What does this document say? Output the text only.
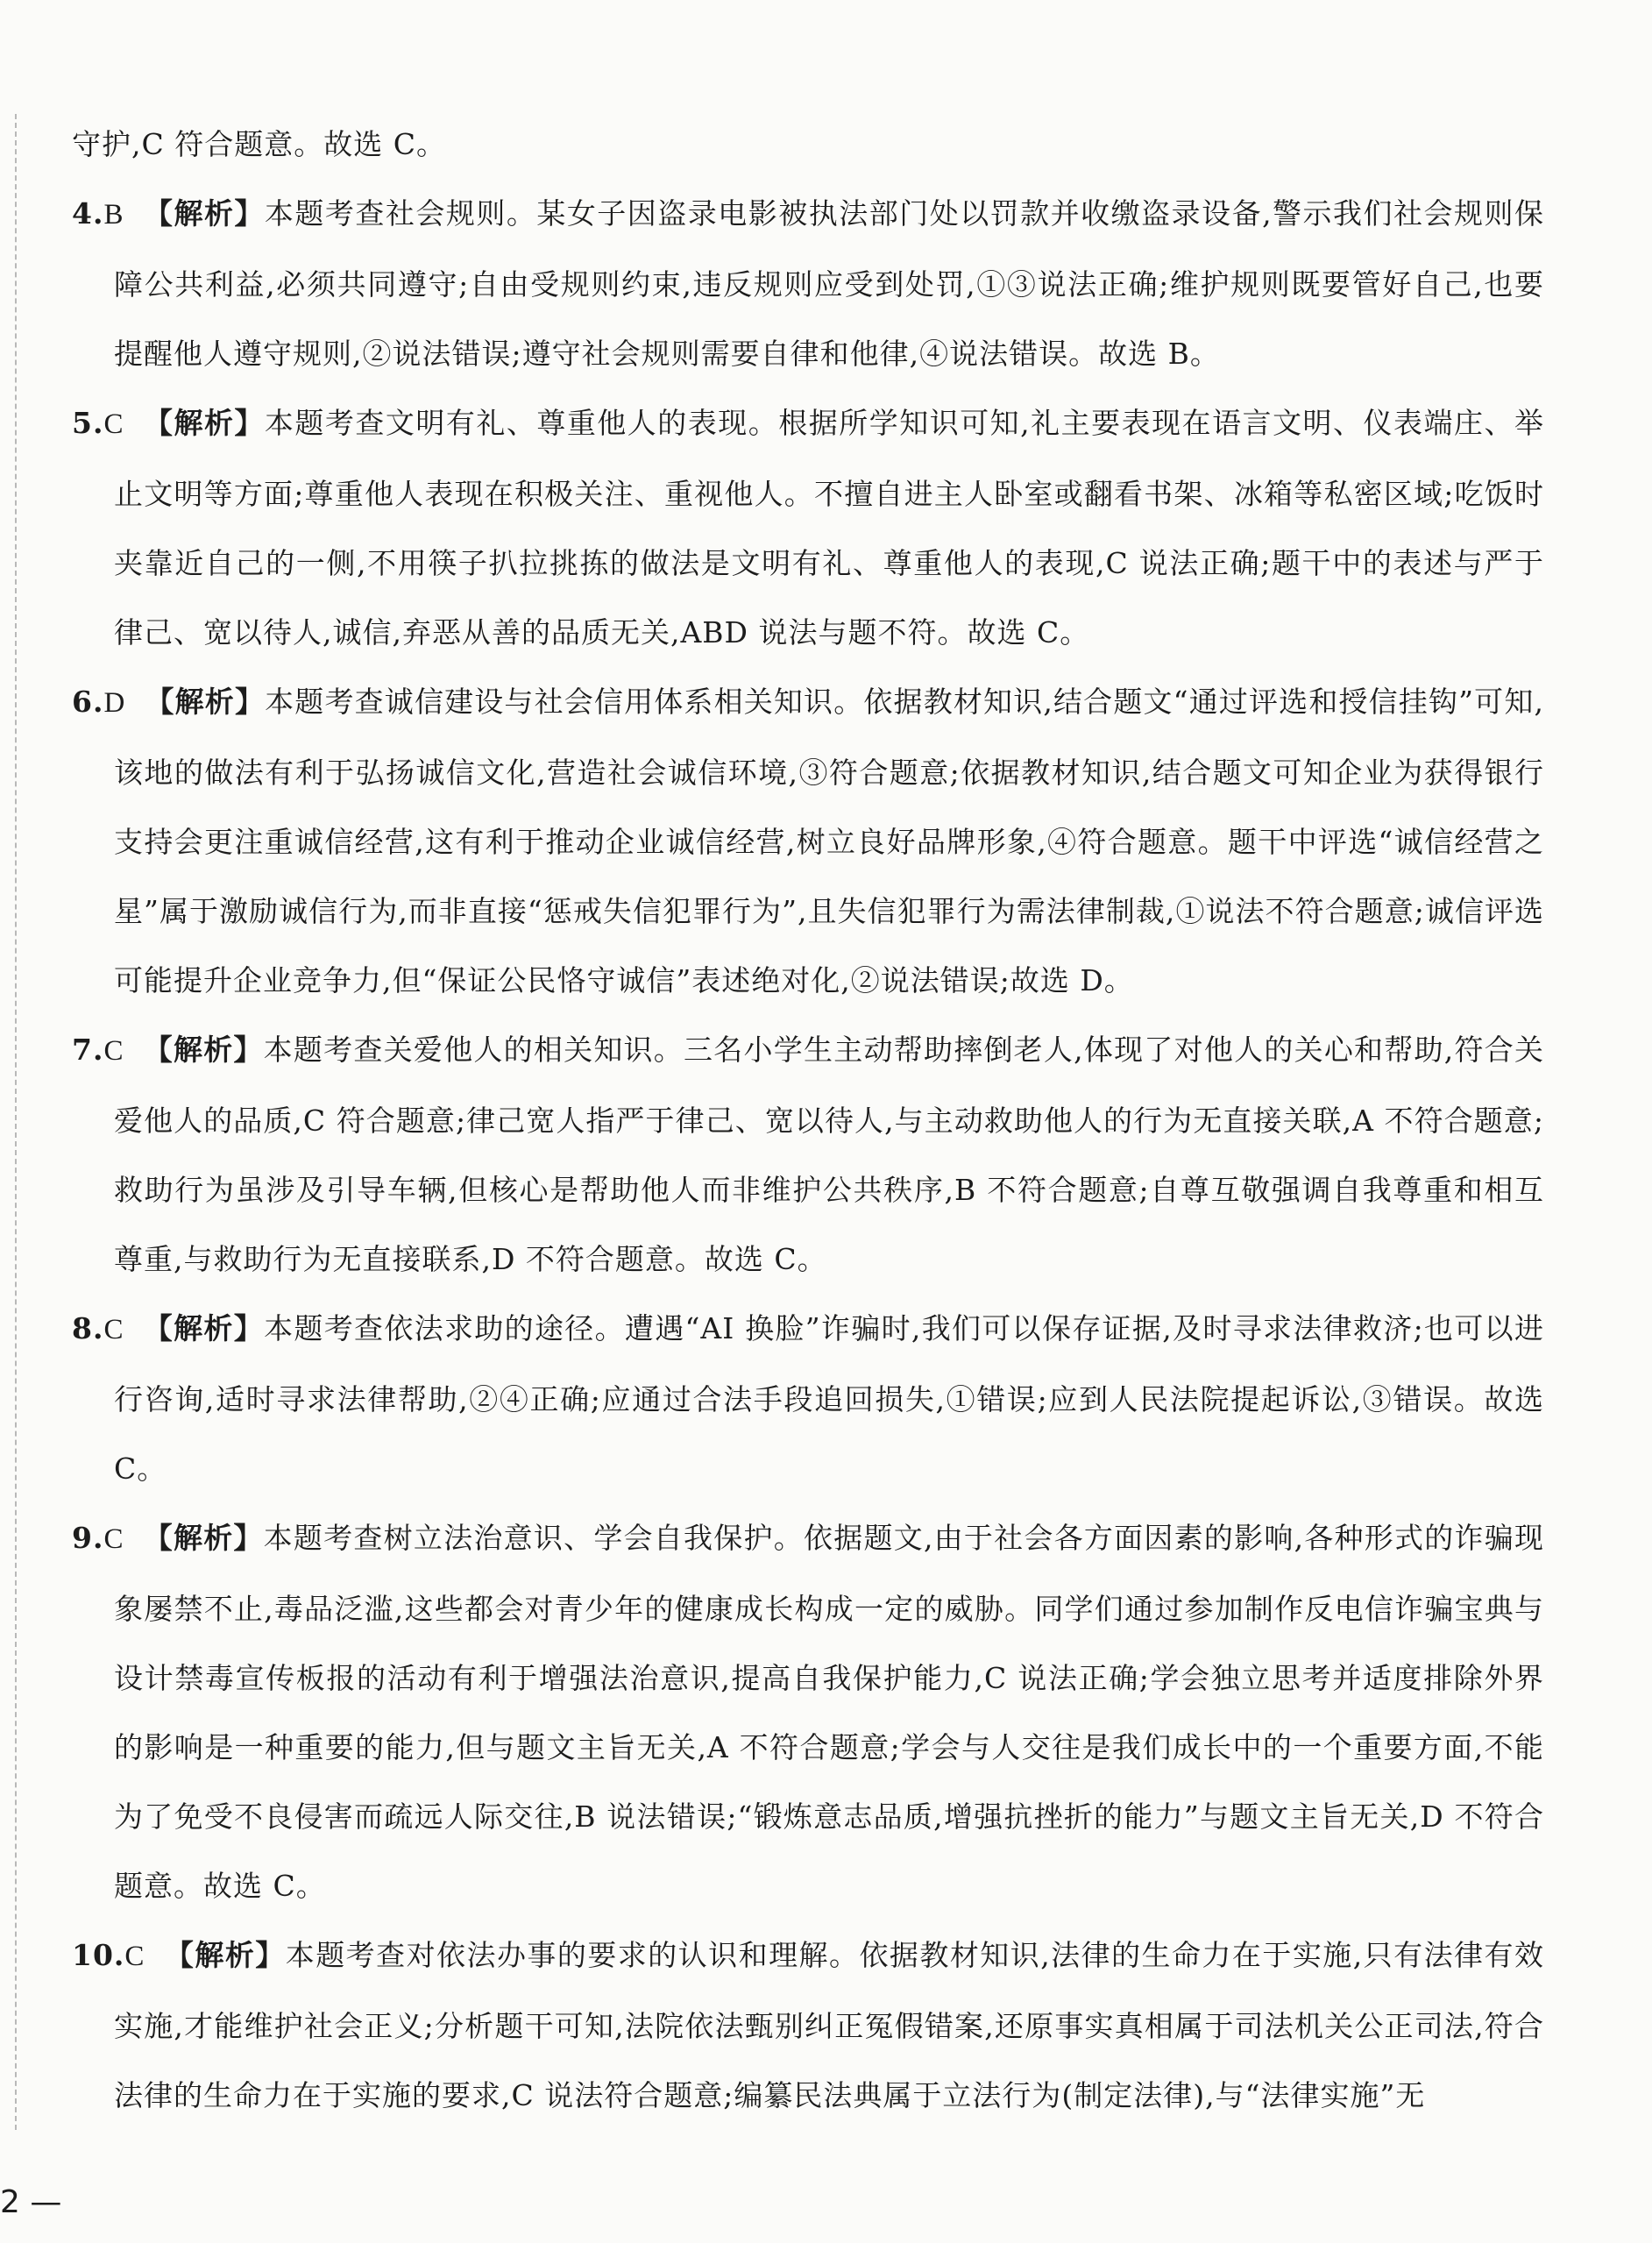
守护,C 符合题意。故选 C。

4.B 【解析】本题考查社会规则。某女子因盗录电影被执法部门处以罚款并收缴盗录设备,警示我们社会规则保障公共利益,必须共同遵守;自由受规则约束,违反规则应受到处罚,①③说法正确;维护规则既要管好自己,也要提醒他人遵守规则,②说法错误;遵守社会规则需要自律和他律,④说法错误。故选 B。

5.C 【解析】本题考查文明有礼、尊重他人的表现。根据所学知识可知,礼主要表现在语言文明、仪表端庄、举止文明等方面;尊重他人表现在积极关注、重视他人。不擅自进主人卧室或翻看书架、冰箱等私密区域;吃饭时夹靠近自己的一侧,不用筷子扒拉挑拣的做法是文明有礼、尊重他人的表现,C 说法正确;题干中的表述与严于律己、宽以待人,诚信,弃恶从善的品质无关,ABD 说法与题不符。故选 C。

6.D 【解析】本题考查诚信建设与社会信用体系相关知识。依据教材知识,结合题文“通过评选和授信挂钩”可知,该地的做法有利于弘扬诚信文化,营造社会诚信环境,③符合题意;依据教材知识,结合题文可知企业为获得银行支持会更注重诚信经营,这有利于推动企业诚信经营,树立良好品牌形象,④符合题意。题干中评选“诚信经营之星”属于激励诚信行为,而非直接“惩戒失信犯罪行为”,且失信犯罪行为需法律制裁,①说法不符合题意;诚信评选可能提升企业竞争力,但“保证公民恪守诚信”表述绝对化,②说法错误;故选 D。

7.C 【解析】本题考查关爱他人的相关知识。三名小学生主动帮助摔倒老人,体现了对他人的关心和帮助,符合关爱他人的品质,C 符合题意;律己宽人指严于律己、宽以待人,与主动救助他人的行为无直接关联,A 不符合题意;救助行为虽涉及引导车辆,但核心是帮助他人而非维护公共秩序,B 不符合题意;自尊互敬强调自我尊重和相互尊重,与救助行为无直接联系,D 不符合题意。故选 C。

8.C 【解析】本题考查依法求助的途径。遭遇“AI 换脸”诈骗时,我们可以保存证据,及时寻求法律救济;也可以进行咨询,适时寻求法律帮助,②④正确;应通过合法手段追回损失,①错误;应到人民法院提起诉讼,③错误。故选 C。

9.C 【解析】本题考查树立法治意识、学会自我保护。依据题文,由于社会各方面因素的影响,各种形式的诈骗现象屡禁不止,毒品泛滥,这些都会对青少年的健康成长构成一定的威胁。同学们通过参加制作反电信诈骗宝典与设计禁毒宣传板报的活动有利于增强法治意识,提高自我保护能力,C 说法正确;学会独立思考并适度排除外界的影响是一种重要的能力,但与题文主旨无关,A 不符合题意;学会与人交往是我们成长中的一个重要方面,不能为了免受不良侵害而疏远人际交往,B 说法错误;“锻炼意志品质,增强抗挫折的能力”与题文主旨无关,D 不符合题意。故选 C。

10.C 【解析】本题考查对依法办事的要求的认识和理解。依据教材知识,法律的生命力在于实施,只有法律有效实施,才能维护社会正义;分析题干可知,法院依法甄别纠正冤假错案,还原事实真相属于司法机关公正司法,符合法律的生命力在于实施的要求,C 说法符合题意;编纂民法典属于立法行为(制定法律),与“法律实施”无

2 —
